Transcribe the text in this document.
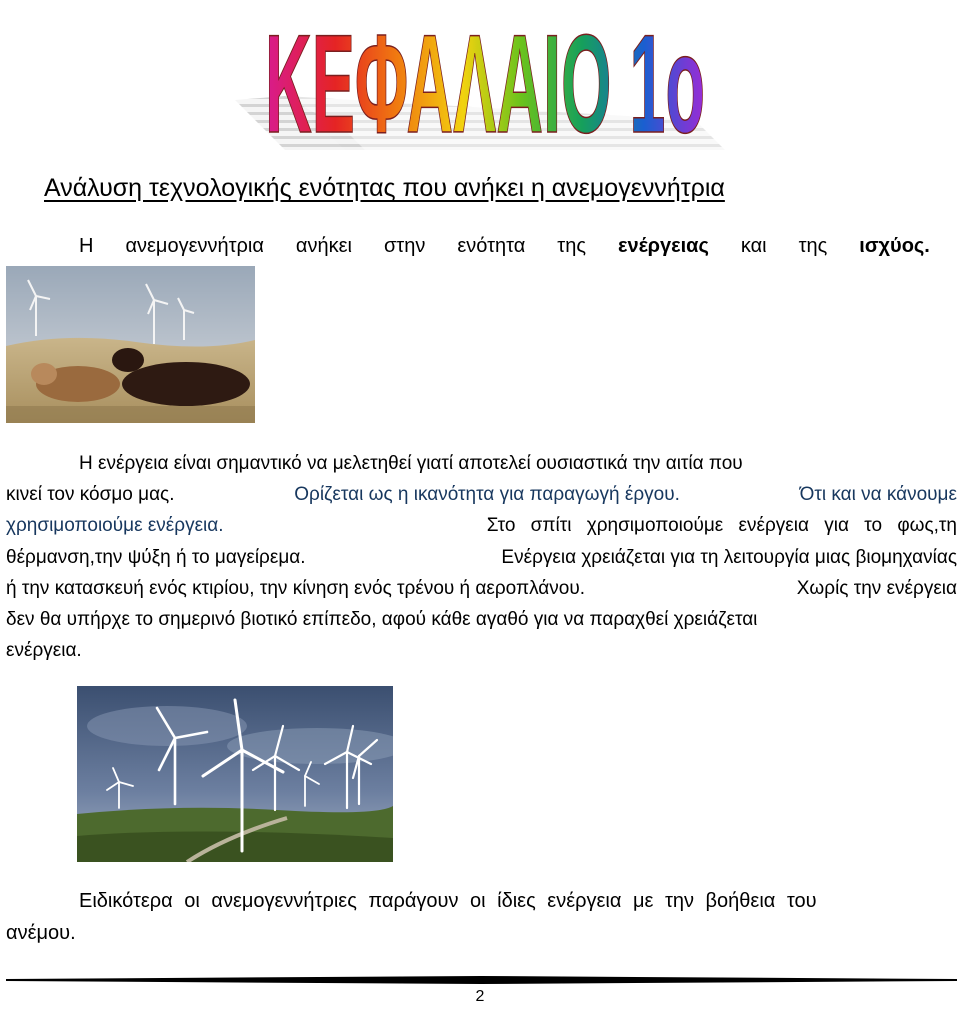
ΚΕΦΑΛΑΙΟ 1ο
Ανάλυση τεχνολογικής ενότητας που ανήκει η ανεμογεννήτρια
Η ανεμογεννήτρια ανήκει στην ενότητα της ενέργειας και της ισχύος.
Η ενέργεια είναι σημαντικό να μελετηθεί γιατί αποτελεί ουσιαστικά την αιτία που
κινεί τον κόσμο μας.	Ορίζεται ως η ικανότητα για παραγωγή έργου.	Ότι και να κάνουμε
χρησιμοποιούμε ενέργεια.	Στο σπίτι χρησιμοποιούμε ενέργεια για το φως,τη
θέρμανση,την ψύξη ή το μαγείρεμα.	Ενέργεια χρειάζεται για τη λειτουργία μιας βιομηχανίας
ή την κατασκευή ενός κτιρίου, την κίνηση ενός τρένου ή αεροπλάνου.	Χωρίς την ενέργεια
δεν θα υπήρχε το σημερινό βιοτικό επίπεδο, αφού κάθε αγαθό για να παραχθεί χρειάζεται
ενέργεια.
Ειδικότερα οι ανεμογεννήτριες παράγουν οι ίδιες ενέργεια με την βοήθεια του
ανέμου.
2
